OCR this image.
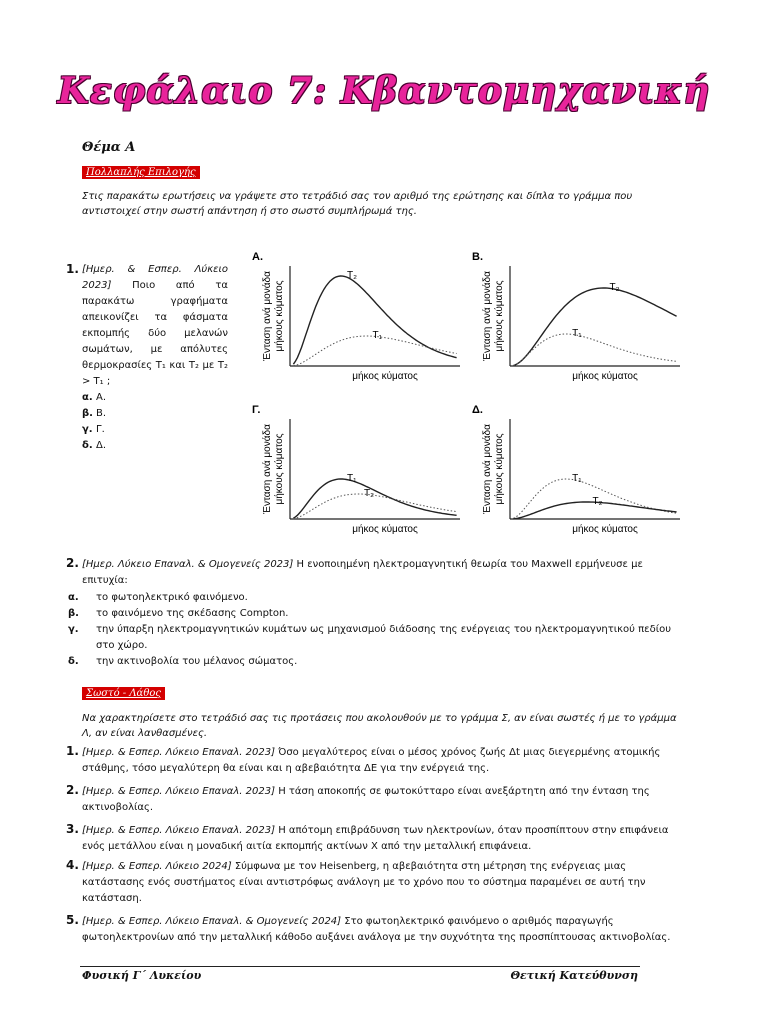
Κεφάλαιο 7: Κβαντομηχανική
Θέμα Α
Πολλαπλής Επιλογής
Στις παρακάτω ερωτήσεις να γράψετε στο τετράδιό σας τον αριθμό της ερώτησης και δίπλα το γράμμα που αντιστοιχεί στην σωστή απάντηση ή στο σωστό συμπλήρωμά της.
1. [Ημερ. & Εσπερ. Λύκειο 2023] Ποιο από τα παρακάτω γραφήματα απεικονίζει τα φάσματα εκπομπής δύο μελανών σωμάτων, με απόλυτες θερμοκρασίες T₁ και T₂ με T₂ > T₁ ;
α. Α.
β. Β.
γ. Γ.
δ. Δ.
Α.
Ένταση ανά μονάδαμήκους κύματος
μήκος κύματος
T₂
T₁
Β.
Ένταση ανά μονάδαμήκους κύματος
μήκος κύματος
T₂
T₁
Γ.
Ένταση ανά μονάδαμήκους κύματος
μήκος κύματος
T₁
T₂
Δ.
Ένταση ανά μονάδαμήκους κύματος
μήκος κύματος
T₁
T₂
2. [Ημερ. Λύκειο Επαναλ. & Ομογενείς 2023] Η ενοποιημένη ηλεκτρομαγνητική θεωρία του Maxwell ερμήνευσε με επιτυχία:
α. το φωτοηλεκτρικό φαινόμενο.
β. το φαινόμενο της σκέδασης Compton.
γ. την ύπαρξη ηλεκτρομαγνητικών κυμάτων ως μηχανισμού διάδοσης της ενέργειας του ηλεκτρομαγνητικού πεδίου στο χώρο.
δ. την ακτινοβολία του μέλανος σώματος.
Σωστό - Λάθος
Να χαρακτηρίσετε στο τετράδιό σας τις προτάσεις που ακολουθούν με το γράμμα Σ, αν είναι σωστές ή με το γράμμα Λ, αν είναι λανθασμένες.
1. [Ημερ. & Εσπερ. Λύκειο Επαναλ. 2023] Όσο μεγαλύτερος είναι ο μέσος χρόνος ζωής Δt μιας διεγερμένης ατομικής στάθμης, τόσο μεγαλύτερη θα είναι και η αβεβαιότητα ΔΕ για την ενέργειά της.
2. [Ημερ. & Εσπερ. Λύκειο Επαναλ. 2023] Η τάση αποκοπής σε φωτοκύτταρο είναι ανεξάρτητη από την ένταση της ακτινοβολίας.
3. [Ημερ. & Εσπερ. Λύκειο Επαναλ. 2023] Η απότομη επιβράδυνση των ηλεκτρονίων, όταν προσπίπτουν στην επιφάνεια ενός μετάλλου είναι η μοναδική αιτία εκπομπής ακτίνων X από την μεταλλική επιφάνεια.
4. [Ημερ. & Εσπερ. Λύκειο 2024] Σύμφωνα με τον Heisenberg, η αβεβαιότητα στη μέτρηση της ενέργειας μιας κατάστασης ενός συστήματος είναι αντιστρόφως ανάλογη με το χρόνο που το σύστημα παραμένει σε αυτή την κατάσταση.
5. [Ημερ. & Εσπερ. Λύκειο Επαναλ. & Ομογενείς 2024] Στο φωτοηλεκτρικό φαινόμενο ο αριθμός παραγωγής φωτοηλεκτρονίων από την μεταλλική κάθοδο αυξάνει ανάλογα με την συχνότητα της προσπίπτουσας ακτινοβολίας.
Φυσική Γ΄ Λυκείου	Θετική Κατεύθυνση
